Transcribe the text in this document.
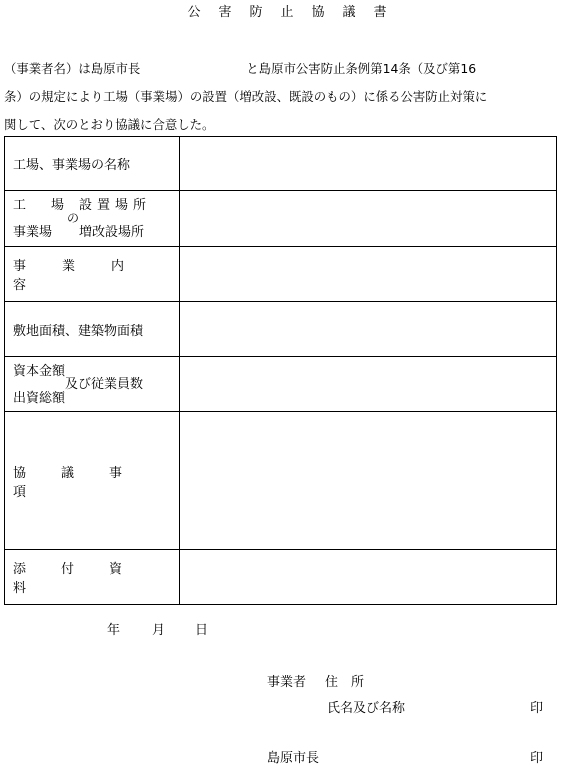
公害防止協議書
（事業者名）は島原市長	と島原市公害防止条例第14条（及び第16
条）の規定により工場（事業場）の設置（増改設、既設のもの）に係る公害防止対策に
関して、次のとおり協議に合意した。
工場、事業場の名称	

工　場 設置場所
の
事業場 増改設場所	

事業内容	

敷地面積、建築物面積	

資本金額
及び従業員数
出資総額	

協議事項	

添付資料	

年 月 日
事業者 住　所
氏名及び名称	印
島原市長	印
